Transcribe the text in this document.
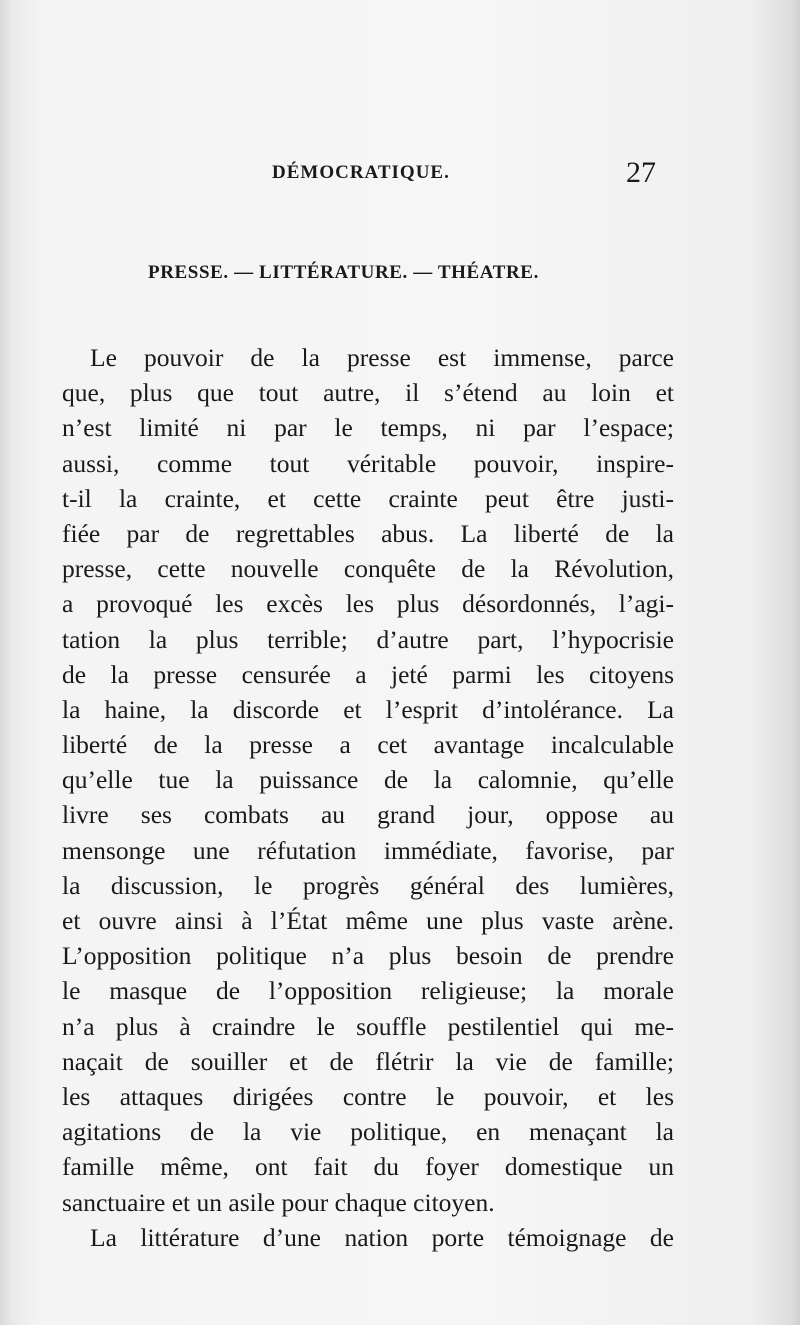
DÉMOCRATIQUE.	27
PRESSE. — LITTÉRATURE. — THÉATRE.
Le pouvoir de la presse est immense, parce
que, plus que tout autre, il s’étend au loin et
n’est limité ni par le temps, ni par l’espace;
aussi, comme tout véritable pouvoir, inspire-
t-il la crainte, et cette crainte peut être justi-
fiée par de regrettables abus. La liberté de la
presse, cette nouvelle conquête de la Révolution,
a provoqué les excès les plus désordonnés, l’agi-
tation la plus terrible; d’autre part, l’hypocrisie
de la presse censurée a jeté parmi les citoyens
la haine, la discorde et l’esprit d’intolérance. La
liberté de la presse a cet avantage incalculable
qu’elle tue la puissance de la calomnie, qu’elle
livre ses combats au grand jour, oppose au
mensonge une réfutation immédiate, favorise, par
la discussion, le progrès général des lumières,
et ouvre ainsi à l’État même une plus vaste arène.
L’opposition politique n’a plus besoin de prendre
le masque de l’opposition religieuse; la morale
n’a plus à craindre le souffle pestilentiel qui me-
naçait de souiller et de flétrir la vie de famille;
les attaques dirigées contre le pouvoir, et les
agitations de la vie politique, en menaçant la
famille même, ont fait du foyer domestique un
sanctuaire et un asile pour chaque citoyen.
La littérature d’une nation porte témoignage de
